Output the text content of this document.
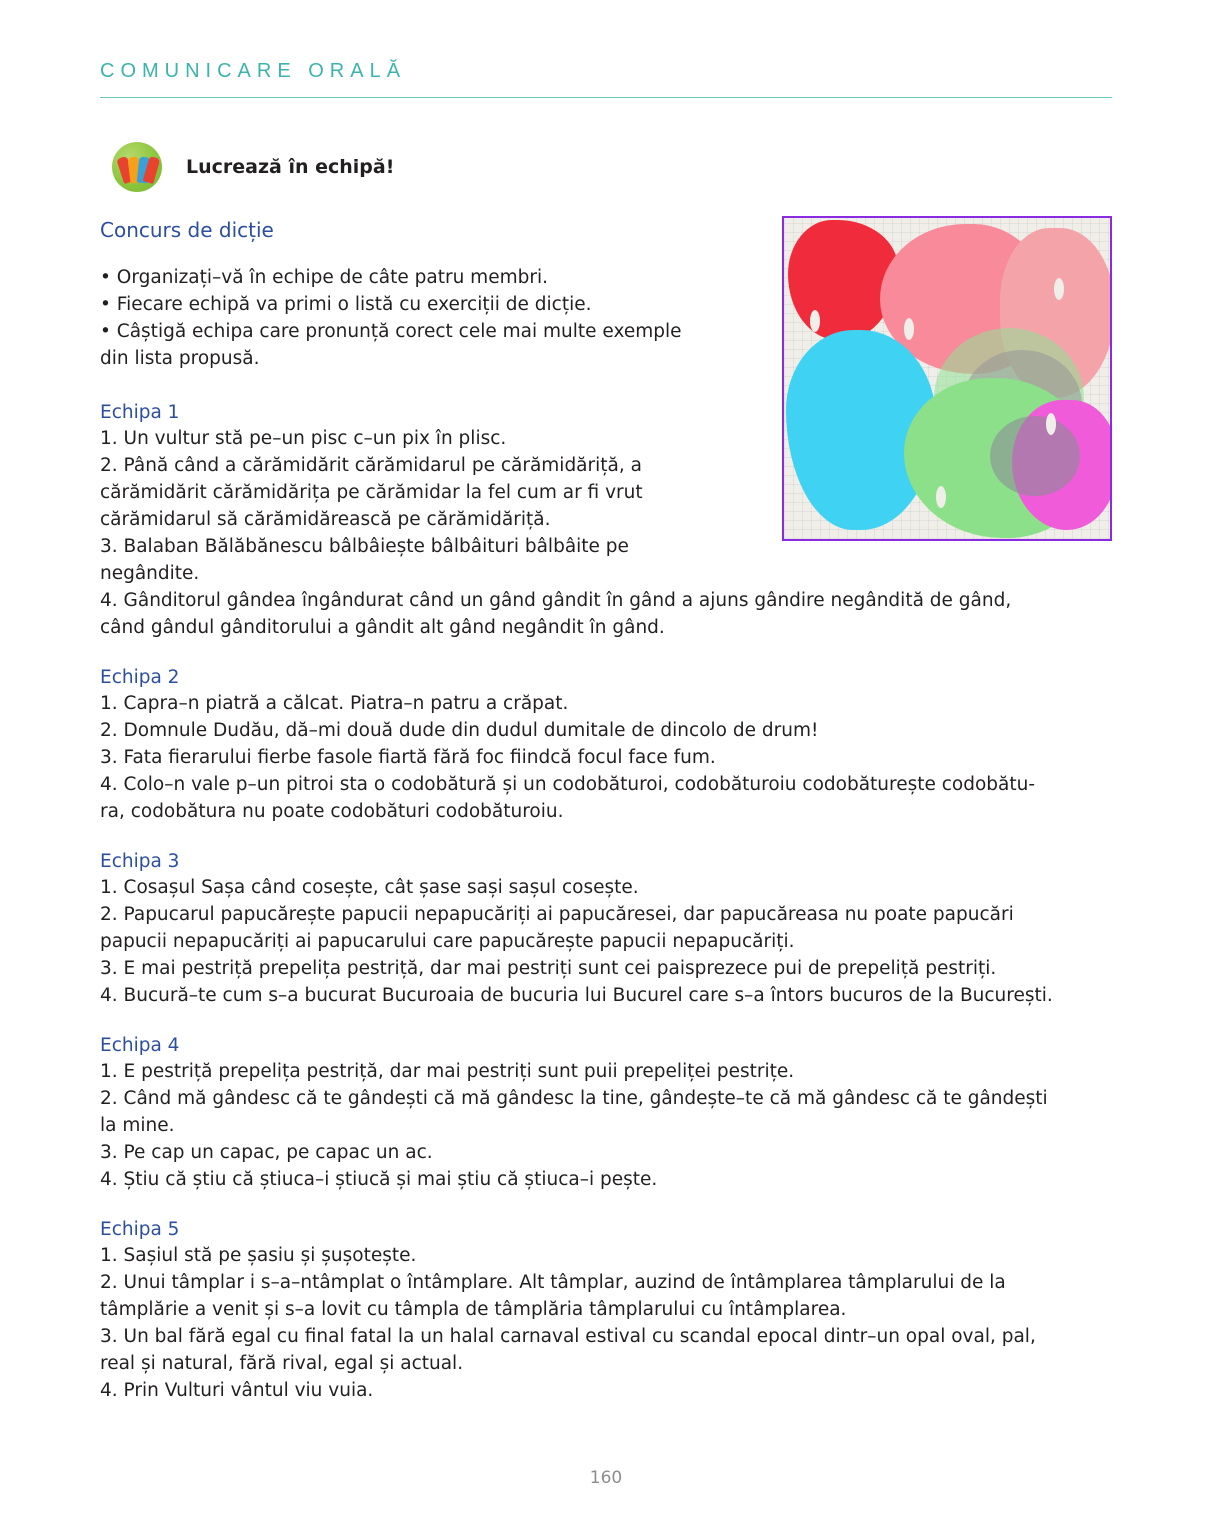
COMUNICARE ORALĂ
Lucrează în echipă!
Concurs de dicție

• Organizați–vă în echipe de câte patru membri.

• Fiecare echipă va primi o listă cu exerciții de dicție.

• Câștigă echipa care pronunță corect cele mai multe exemple

din lista propusă.

Echipa 1

1. Un vultur stă pe–un pisc c–un pix în plisc.

2. Până când a cărămidărit cărămidarul pe cărămidăriță, a

cărămidărit cărămidărița pe cărămidar la fel cum ar fi vrut

cărămidarul să cărămidărească pe cărămidăriță.

3. Balaban Bălăbănescu bâlbâiește bâlbâituri bâlbâite pe

negândite.

4. Gânditorul gândea îngândurat când un gând gândit în gând a ajuns gândire negândită de gând,

când gândul gânditorului a gândit alt gând negândit în gând.

Echipa 2

1. Capra–n piatră a călcat. Piatra–n patru a crăpat.

2. Domnule Dudău, dă–mi două dude din dudul dumitale de dincolo de drum!

3. Fata fierarului fierbe fasole fiartă fără foc fiindcă focul face fum.

4. Colo–n vale p–un pitroi sta o codobătură și un codobăturoi, codobăturoiu codobăturește codobătu-

ra, codobătura nu poate codobături codobăturoiu.

Echipa 3

1. Cosașul Sașa când cosește, cât șase sași sașul cosește.

2. Papucarul papucărește papucii nepapucăriți ai papucăresei, dar papucăreasa nu poate papucări

papucii nepapucăriți ai papucarului care papucărește papucii nepapucăriți.

3. E mai pestriță prepelița pestriță, dar mai pestriți sunt cei paisprezece pui de prepeliță pestriți.

4. Bucură–te cum s–a bucurat Bucuroaia de bucuria lui Bucurel care s–a întors bucuros de la București.

Echipa 4

1. E pestriță prepelița pestriță, dar mai pestriți sunt puii prepeliței pestrițe.

2. Când mă gândesc că te gândești că mă gândesc la tine, gândește–te că mă gândesc că te gândești

la mine.

3. Pe cap un capac, pe capac un ac.

4. Știu că știu că știuca–i știucă și mai știu că știuca–i pește.

Echipa 5

1. Sașiul stă pe șasiu și șușotește.

2. Unui tâmplar i s–a–ntâmplat o întâmplare. Alt tâmplar, auzind de întâmplarea tâmplarului de la

tâmplărie a venit și s–a lovit cu tâmpla de tâmplăria tâmplarului cu întâmplarea.

3. Un bal fără egal cu final fatal la un halal carnaval estival cu scandal epocal dintr–un opal oval, pal,

real și natural, fără rival, egal și actual.

4. Prin Vulturi vântul viu vuia.

160
